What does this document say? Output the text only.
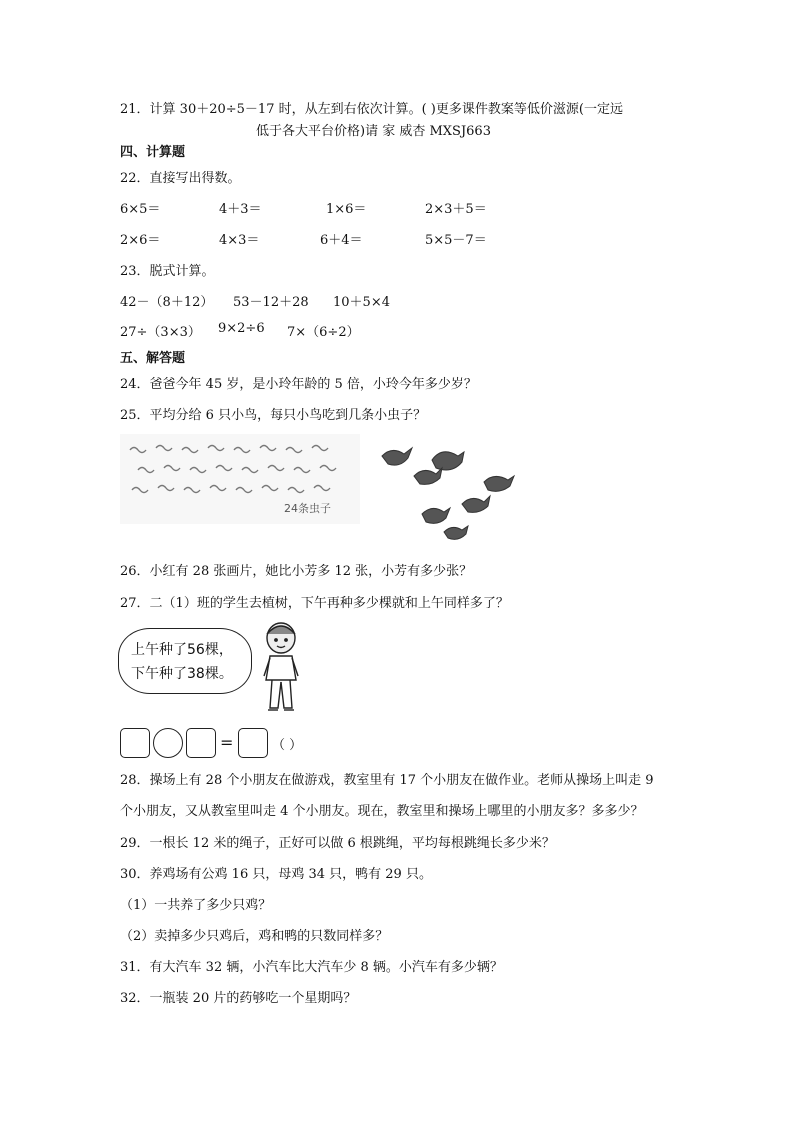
21．计算 30＋20÷5－17 时，从左到右依次计算。( )更多课件教案等低价滋源(一定远
低于各大平台价格)请 家 威杏 MXSJ663
四、计算题
22．直接写出得数。
6×5＝	4＋3＝	1×6＝	2×3＋5＝
2×6＝	4×3＝	6＋4＝	5×5－7＝
23．脱式计算。
42－（8＋12） 53－12＋28 10＋5×4
27÷（3×3） 9×2÷6 7×（6÷2）
五、解答题
24．爸爸今年 45 岁，是小玲年龄的 5 倍，小玲今年多少岁？
25．平均分给 6 只小鸟，每只小鸟吃到几条小虫子？
24条虫子
26．小红有 28 张画片，她比小芳多 12 张，小芳有多少张？
27．二（1）班的学生去植树，下午再种多少棵就和上午同样多了？
上午种了56棵，
下午种了38棵。
=	（ ）
28．操场上有 28 个小朋友在做游戏，教室里有 17 个小朋友在做作业。老师从操场上叫走 9
个小朋友，又从教室里叫走 4 个小朋友。现在，教室里和操场上哪里的小朋友多？多多少？
29．一根长 12 米的绳子，正好可以做 6 根跳绳，平均每根跳绳长多少米？
30．养鸡场有公鸡 16 只，母鸡 34 只，鸭有 29 只。
（1）一共养了多少只鸡？
（2）卖掉多少只鸡后，鸡和鸭的只数同样多？
31．有大汽车 32 辆，小汽车比大汽车少 8 辆。小汽车有多少辆？
32．一瓶装 20 片的药够吃一个星期吗？
